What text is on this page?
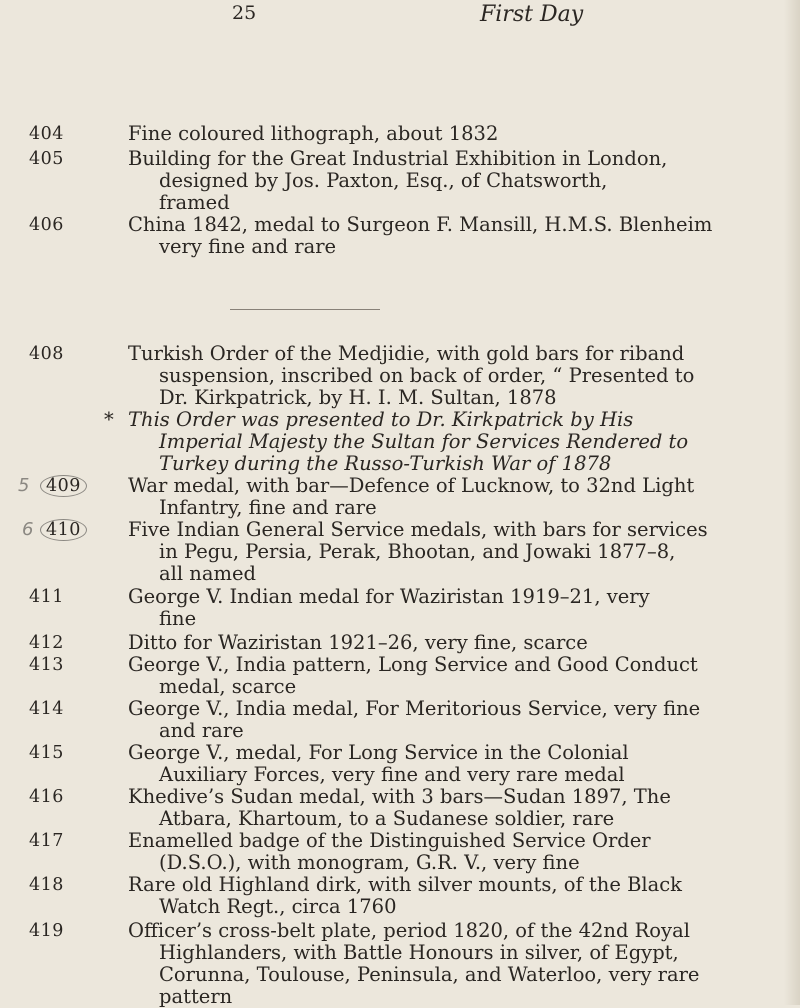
25	First Day
404	Fine coloured lithograph, about 1832
405	Building for the Great Industrial Exhibition in London,
designed by Jos. Paxton, Esq., of Chatsworth,
framed
406	China 1842, medal to Surgeon F. Mansill, H.M.S. Blenheim
very fine and rare
408	Turkish Order of the Medjidie, with gold bars for riband
suspension, inscribed on back of order, “ Presented to
Dr. Kirkpatrick, by H. I. M. Sultan, 1878
* This Order was presented to Dr. Kirkpatrick by His
Imperial Majesty the Sultan for Services Rendered to
Turkey during the Russo-Turkish War of 1878
5 409	War medal, with bar—Defence of Lucknow, to 32nd Light
Infantry, fine and rare
6 410	Five Indian General Service medals, with bars for services
in Pegu, Persia, Perak, Bhootan, and Jowaki 1877–8,
all named
411	George V. Indian medal for Waziristan 1919–21, very
fine
412	Ditto for Waziristan 1921–26, very fine, scarce
413	George V., India pattern, Long Service and Good Conduct
medal, scarce
414	George V., India medal, For Meritorious Service, very fine
and rare
415	George V., medal, For Long Service in the Colonial
Auxiliary Forces, very fine and very rare medal
416	Khedive’s Sudan medal, with 3 bars—Sudan 1897, The
Atbara, Khartoum, to a Sudanese soldier, rare
417	Enamelled badge of the Distinguished Service Order
(D.S.O.), with monogram, G.R. V., very fine
418	Rare old Highland dirk, with silver mounts, of the Black
Watch Regt., circa 1760
419	Officer’s cross-belt plate, period 1820, of the 42nd Royal
Highlanders, with Battle Honours in silver, of Egypt,
Corunna, Toulouse, Peninsula, and Waterloo, very rare
pattern
